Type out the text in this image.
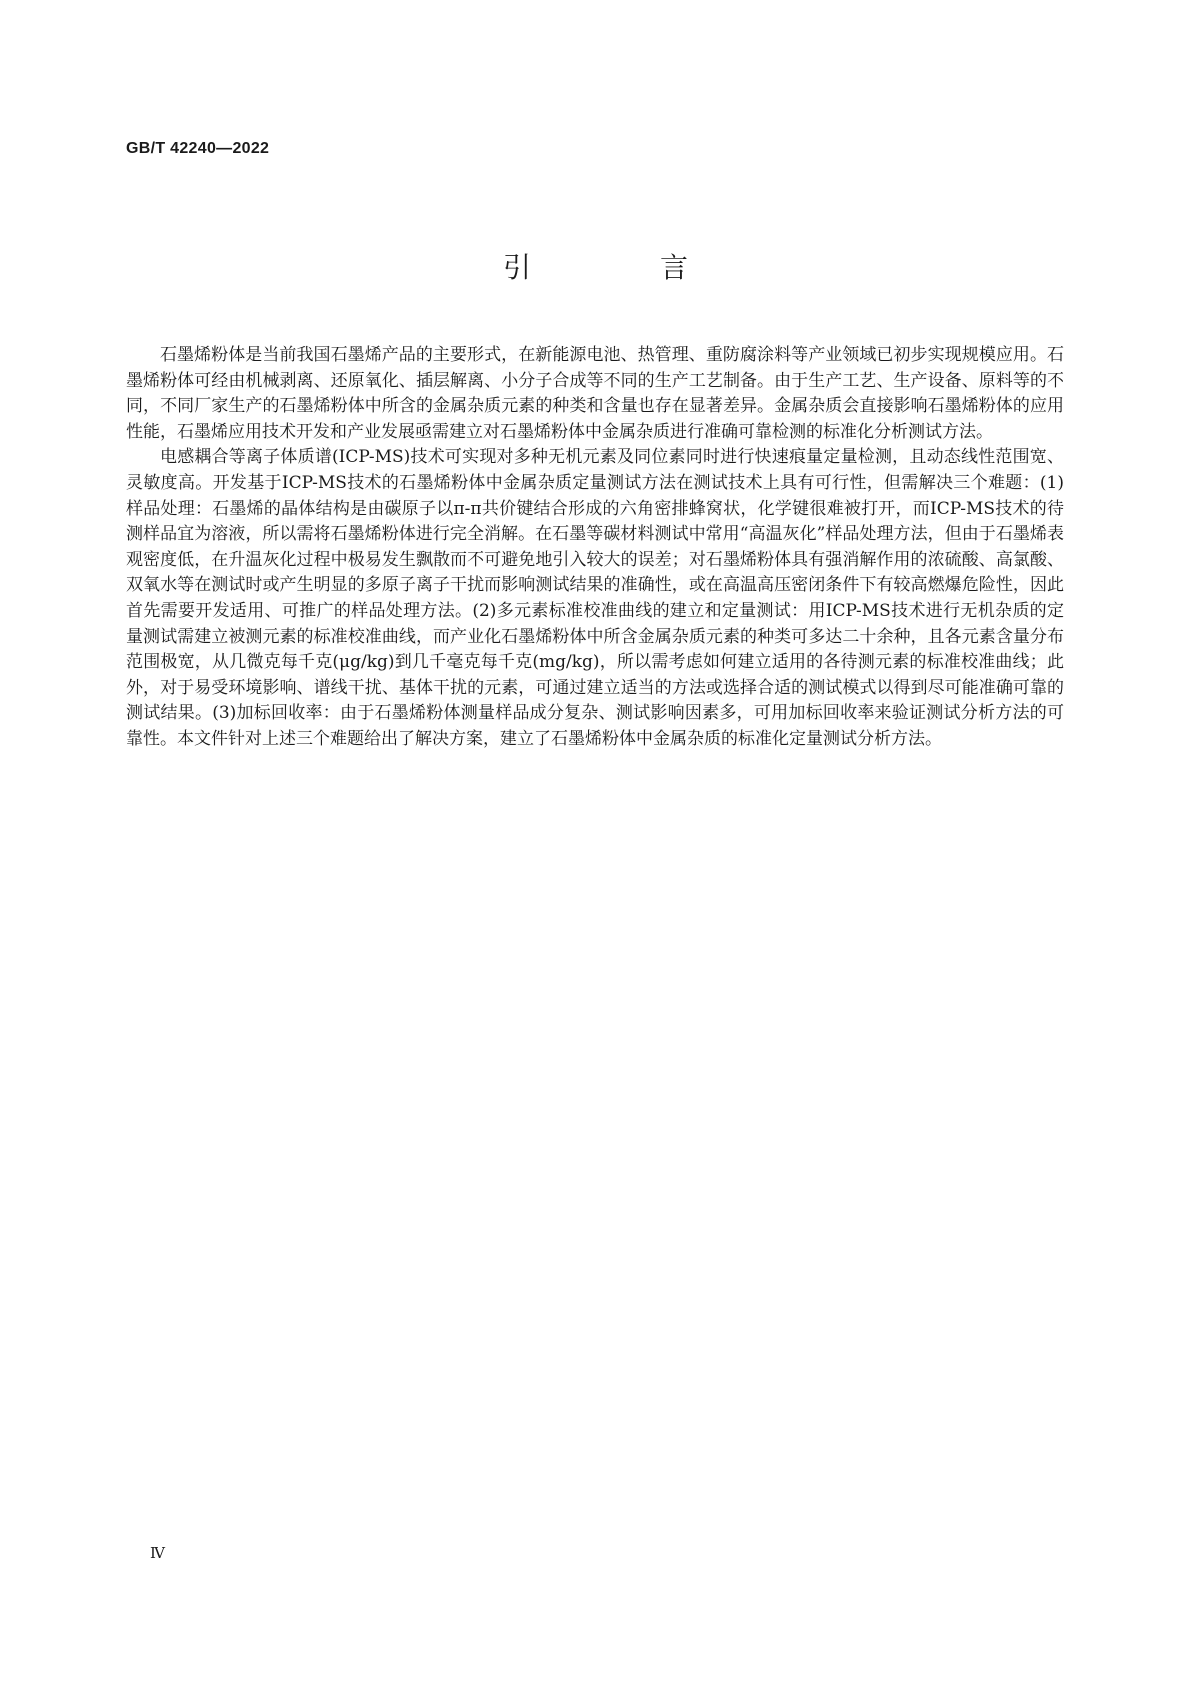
GB/T 42240—2022
引 言

石墨烯粉体是当前我国石墨烯产品的主要形式，在新能源电池、热管理、重防腐涂料等产业领域已初步实现规模应用。石墨烯粉体可经由机械剥离、还原氧化、插层解离、小分子合成等不同的生产工艺制备。由于生产工艺、生产设备、原料等的不同，不同厂家生产的石墨烯粉体中所含的金属杂质元素的种类和含量也存在显著差异。金属杂质会直接影响石墨烯粉体的应用性能，石墨烯应用技术开发和产业发展亟需建立对石墨烯粉体中金属杂质进行准确可靠检测的标准化分析测试方法。

电感耦合等离子体质谱(ICP-MS)技术可实现对多种无机元素及同位素同时进行快速痕量定量检测，且动态线性范围宽、灵敏度高。开发基于ICP-MS技术的石墨烯粉体中金属杂质定量测试方法在测试技术上具有可行性，但需解决三个难题：(1)样品处理：石墨烯的晶体结构是由碳原子以π-π共价键结合形成的六角密排蜂窝状，化学键很难被打开，而ICP-MS技术的待测样品宜为溶液，所以需将石墨烯粉体进行完全消解。在石墨等碳材料测试中常用“高温灰化”样品处理方法，但由于石墨烯表观密度低，在升温灰化过程中极易发生飘散而不可避免地引入较大的误差；对石墨烯粉体具有强消解作用的浓硫酸、高氯酸、双氧水等在测试时或产生明显的多原子离子干扰而影响测试结果的准确性，或在高温高压密闭条件下有较高燃爆危险性，因此首先需要开发适用、可推广的样品处理方法。(2)多元素标准校准曲线的建立和定量测试：用ICP-MS技术进行无机杂质的定量测试需建立被测元素的标准校准曲线，而产业化石墨烯粉体中所含金属杂质元素的种类可多达二十余种，且各元素含量分布范围极宽，从几微克每千克(μg/kg)到几千毫克每千克(mg/kg)，所以需考虑如何建立适用的各待测元素的标准校准曲线；此外，对于易受环境影响、谱线干扰、基体干扰的元素，可通过建立适当的方法或选择合适的测试模式以得到尽可能准确可靠的测试结果。(3)加标回收率：由于石墨烯粉体测量样品成分复杂、测试影响因素多，可用加标回收率来验证测试分析方法的可靠性。本文件针对上述三个难题给出了解决方案，建立了石墨烯粉体中金属杂质的标准化定量测试分析方法。

Ⅳ
